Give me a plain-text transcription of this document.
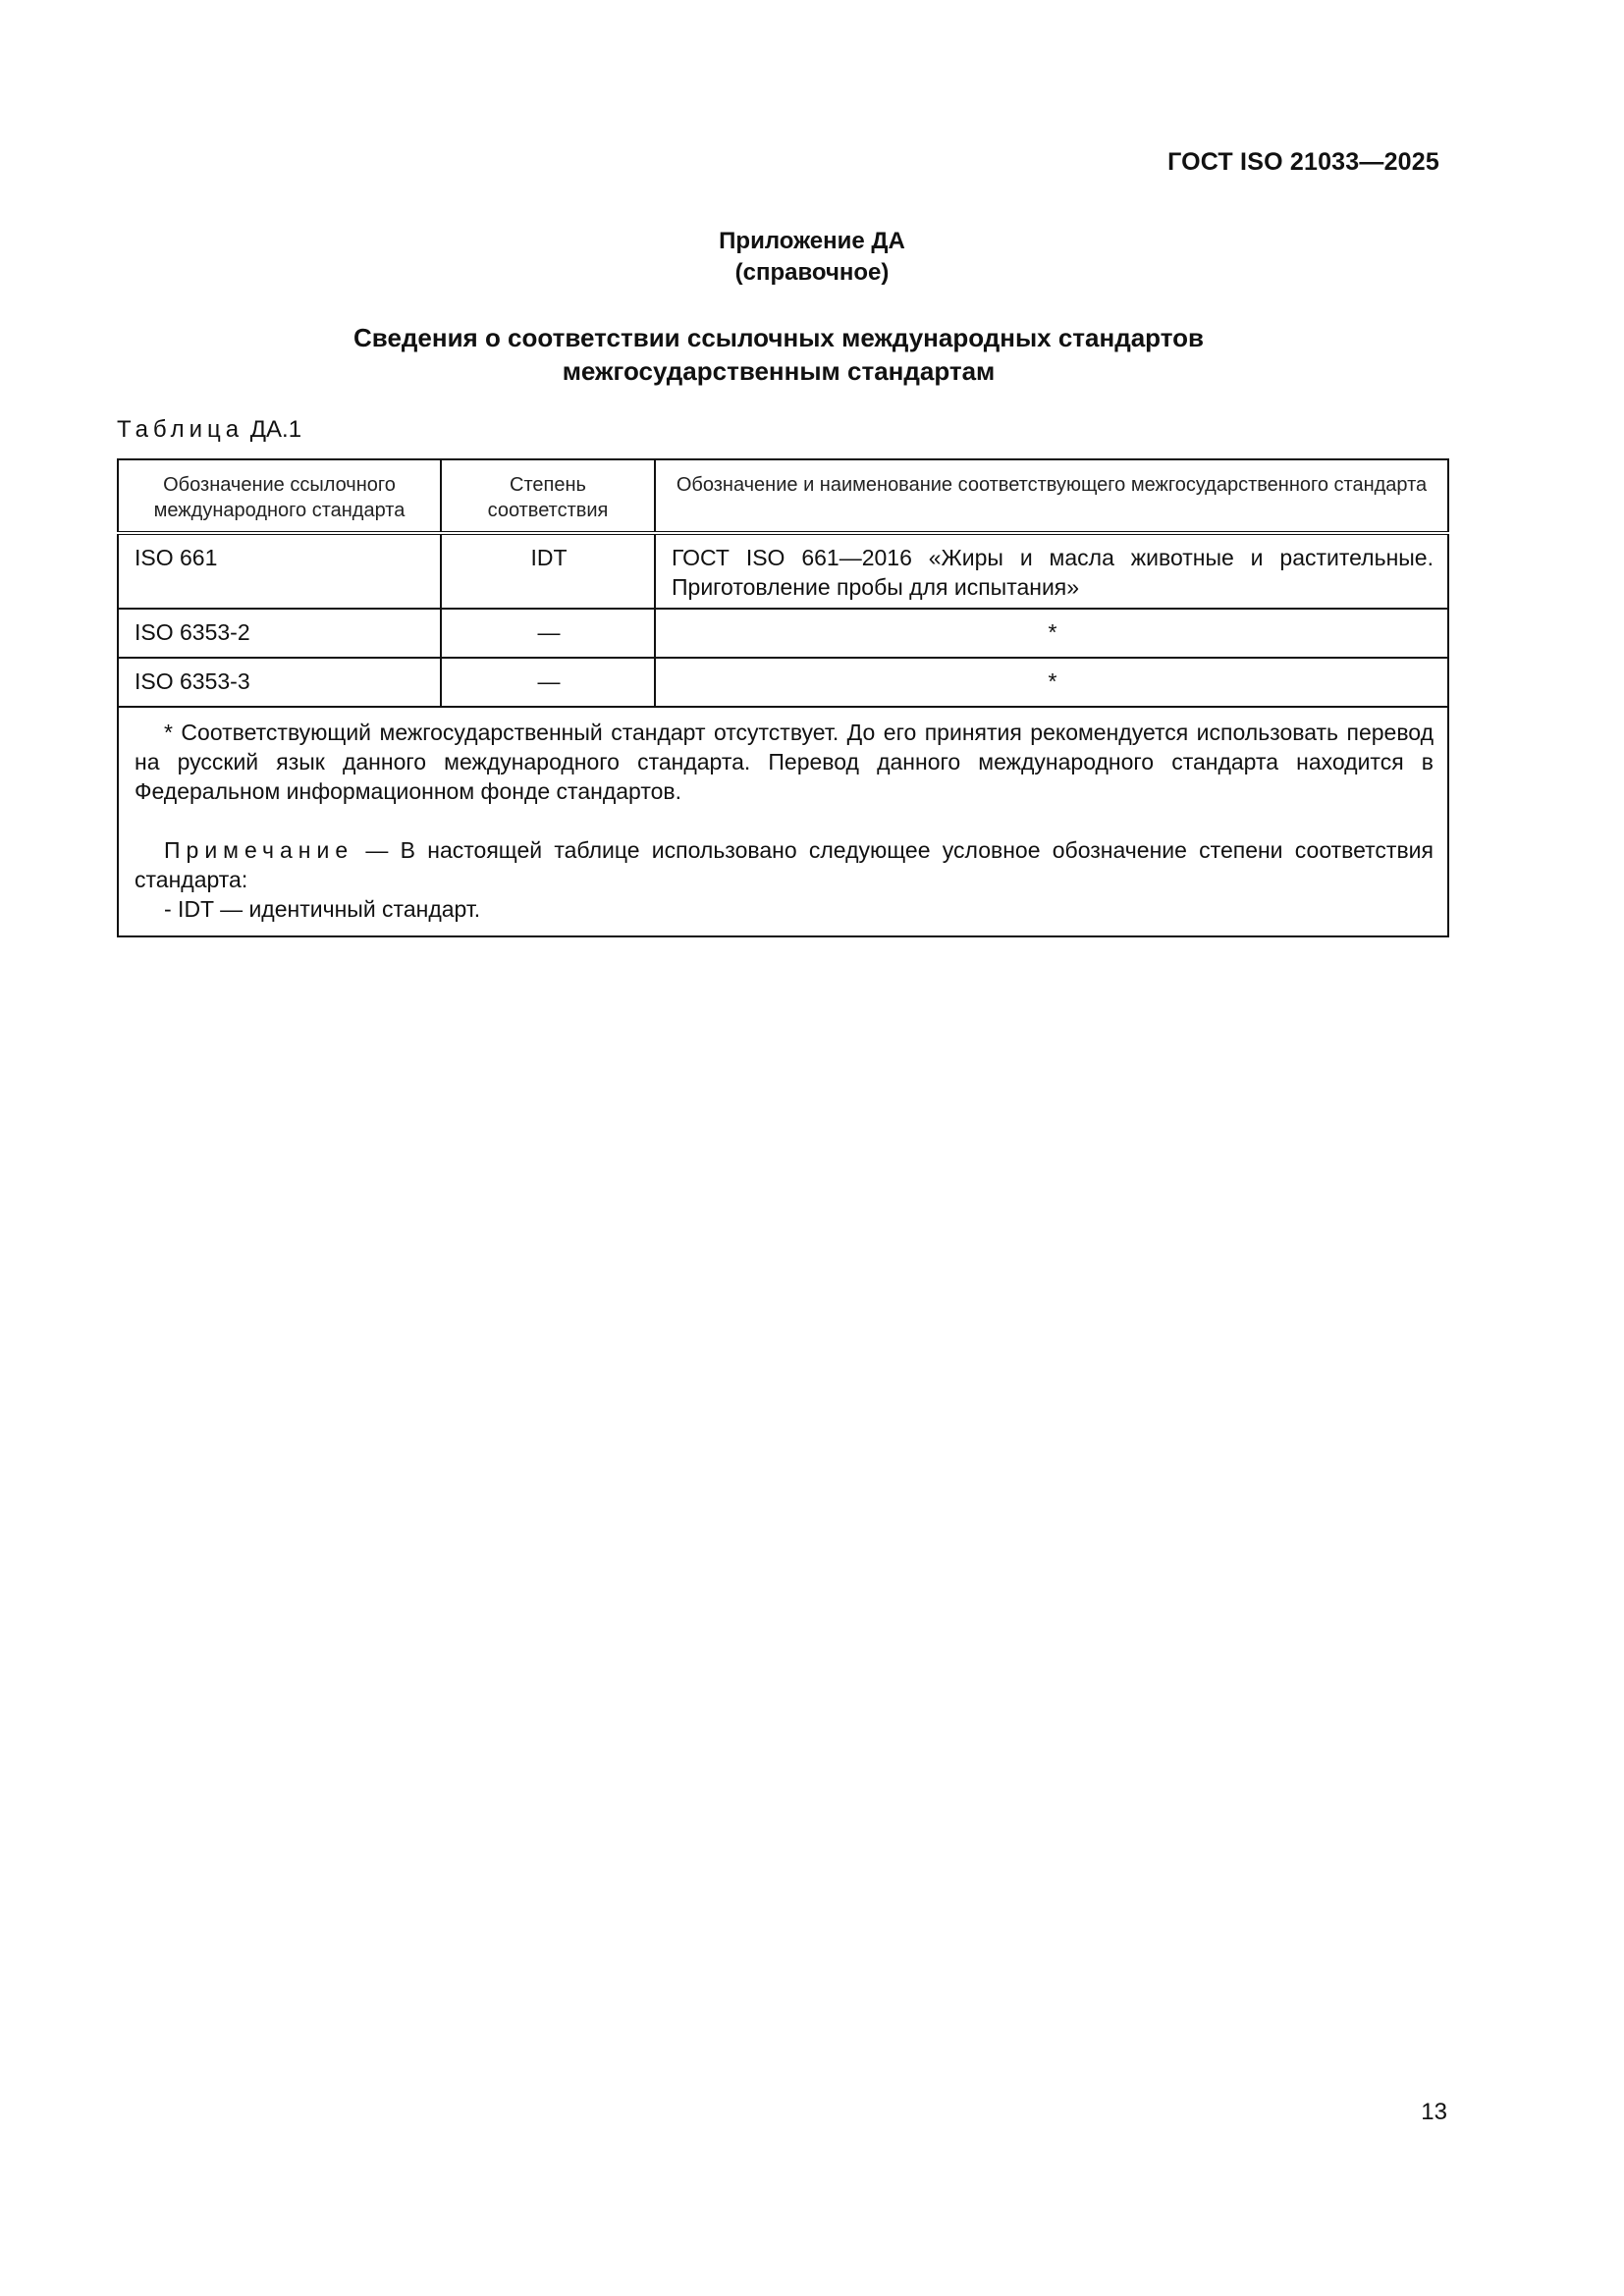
ГОСТ ISO 21033—2025
Приложение ДА
(справочное)
Сведения о соответствии ссылочных международных стандартов
межгосударственным стандартам
Таблица ДА.1
Обозначение ссылочного международного стандарта	Степень соответствия	Обозначение и наименование соответствующего межгосударственного стандарта
ISO 661	IDT	ГОСТ ISO 661—2016 «Жиры и масла животные и растительные. Приготовление пробы для испытания»
ISO 6353-2	—	*
ISO 6353-3	—	*

* Соответствующий межгосударственный стандарт отсутствует. До его принятия рекомендуется использовать перевод на русский язык данного международного стандарта. Перевод данного международного стандарта находится в Федеральном информационном фонде стандартов.

Примечание — В настоящей таблице использовано следующее условное обозначение степени соответствия стандарта:

- IDT — идентичный стандарт.		

13
